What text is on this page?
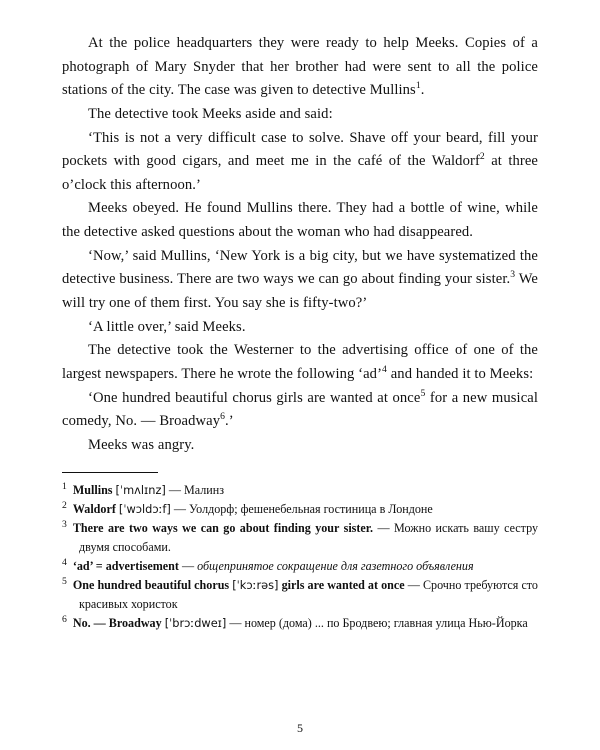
At the police headquarters they were ready to help Meeks. Copies of a photograph of Mary Snyder that her brother had were sent to all the police stations of the city. The case was given to detective Mullins$^1$.

The detective took Meeks aside and said:

‘This is not a very difficult case to solve. Shave off your beard, fill your pockets with good cigars, and meet me in the café of the Waldorf$^2$ at three o’clock this afternoon.’

Meeks obeyed. He found Mullins there. They had a bottle of wine, while the detective asked questions about the woman who had disappeared.

‘Now,’ said Mullins, ‘New York is a big city, but we have systematized the detective business. There are two ways we can go about finding your sister.$^3$ We will try one of them first. You say she is fifty-two?’

‘A little over,’ said Meeks.

The detective took the Westerner to the advertising office of one of the largest newspapers. There he wrote the following ‘ad’$^4$ and handed it to Meeks:

‘One hundred beautiful chorus girls are wanted at once$^5$ for a new musical comedy, No. — Broadway$^6$.’

Meeks was angry.

$^1$ Mullins [ˈmʌlɪnz] — Малинз
$^2$ Waldorf [ˈwɔldɔːf] — Уолдорф; фешенебельная гостиница в Лондоне
$^3$ There are two ways we can go about finding your sister. — Можно искать вашу сестру двумя способами.
$^4$ ‘ad’ = advertisement — общепринятое сокращение для газетного объявления
$^5$ One hundred beautiful chorus [ˈkɔːrəs] girls are wanted at once — Срочно требуются сто красивых хористок
$^6$ No. — Broadway [ˈbrɔːdweɪ] — номер (дома) ... по Бродвею; главная улица Нью-Йорка
5
